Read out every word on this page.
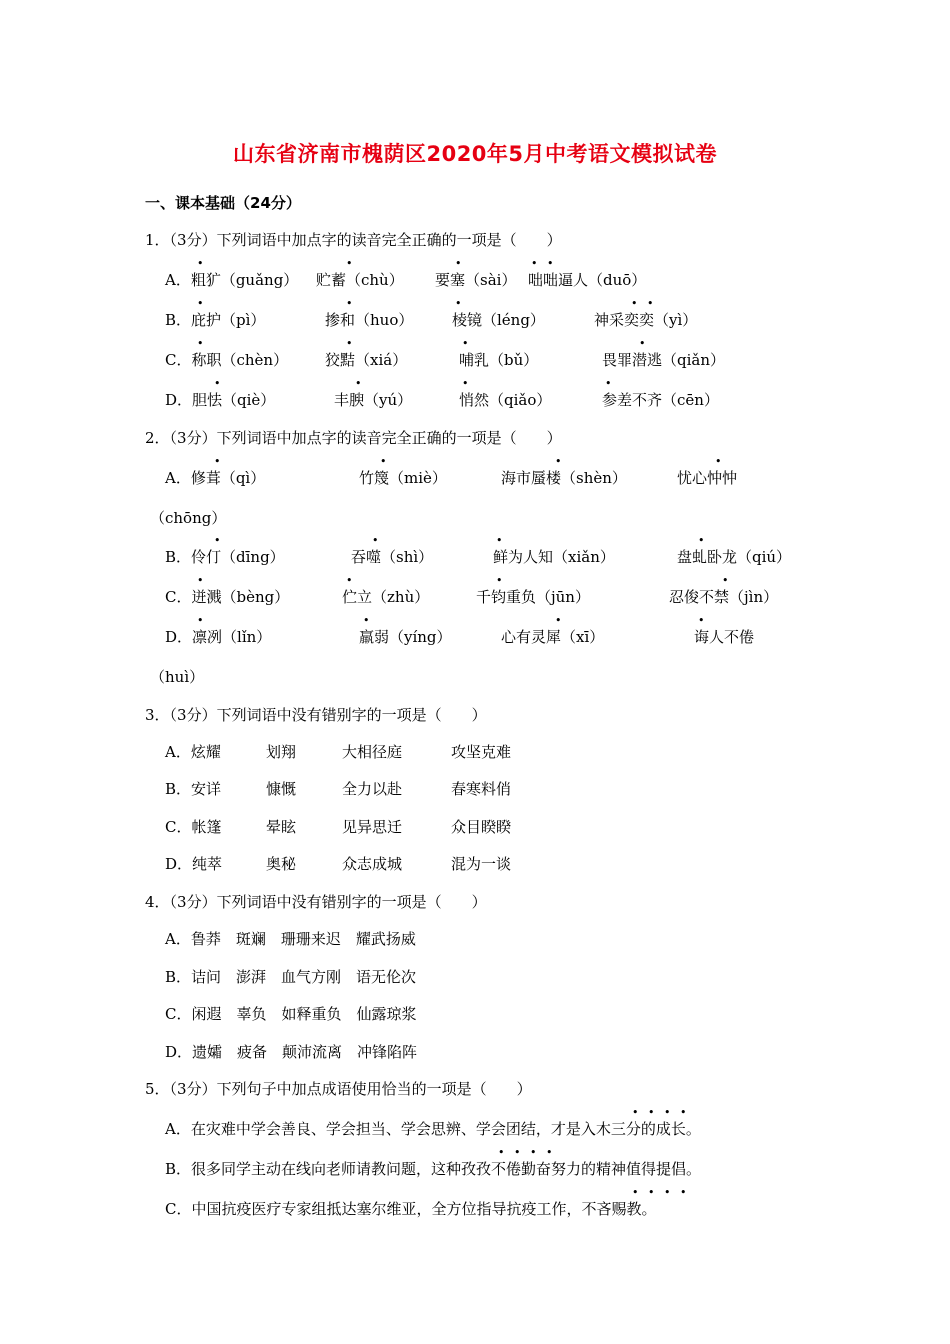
山东省济南市槐荫区2020年5月中考语文模拟试卷
一、课本基础（24分）
1．（3分）下列词语中加点字的读音完全正确的一项是（　　）
A．粗犷（guǎng） 贮蓄（chù） 要塞（sài） 咄咄逼人（duō）
B．庇护（pì）	掺和（huo）	棱镜（léng）	神采奕奕（yì）
C．称职（chèn） 狡黠（xiá）	哺乳（bǔ）	畏罪潜逃（qiǎn）
D．胆怯（qiè）	丰腴（yú）	悄然（qiǎo）	参差不齐（cēn）
2．（3分）下列词语中加点字的读音完全正确的一项是（　　）
A．修葺（qì）	竹篾（miè）	海市蜃楼（shèn）	忧心忡忡
（chōng）
B．伶仃（dīng）	吞噬（shì）	鲜为人知（xiǎn）	盘虬卧龙（qiú）
C．迸溅（bèng）	伫立（zhù）	千钧重负（jūn）	忍俊不禁（jìn）
D．凛冽（lǐn）	羸弱（yíng）	心有灵犀（xī）	诲人不倦
（huì）
3．（3分）下列词语中没有错别字的一项是（　　）
A．炫耀	划翔	大相径庭	攻坚克难
B．安详	慷慨	全力以赴	春寒料俏
C．帐篷	晕眩	见异思迁	众目睽睽
D．纯萃	奥秘	众志成城	混为一谈
4．（3分）下列词语中没有错别字的一项是（　　）
A．鲁莽　斑斓　珊珊来迟　耀武扬威
B．诘问　澎湃　血气方刚　语无伦次
C．闲遐　辜负　如释重负　仙露琼浆
D．遗孀　疲备　颠沛流离　冲锋陷阵
5．（3分）下列句子中加点成语使用恰当的一项是（　　）
A．在灾难中学会善良、学会担当、学会思辨、学会团结，才是入木三分的成长。
B．很多同学主动在线向老师请教问题，这种孜孜不倦勤奋努力的精神值得提倡。
C．中国抗疫医疗专家组抵达塞尔维亚，全方位指导抗疫工作，不吝赐教。
•	•	•	• •
•	•	•	• •
•	•	•	•
•	•	•	•
•	•	•	•
•	•	•	•
•	•	•	•
•	•	•	•
• • • •
• • • •
• • • •
